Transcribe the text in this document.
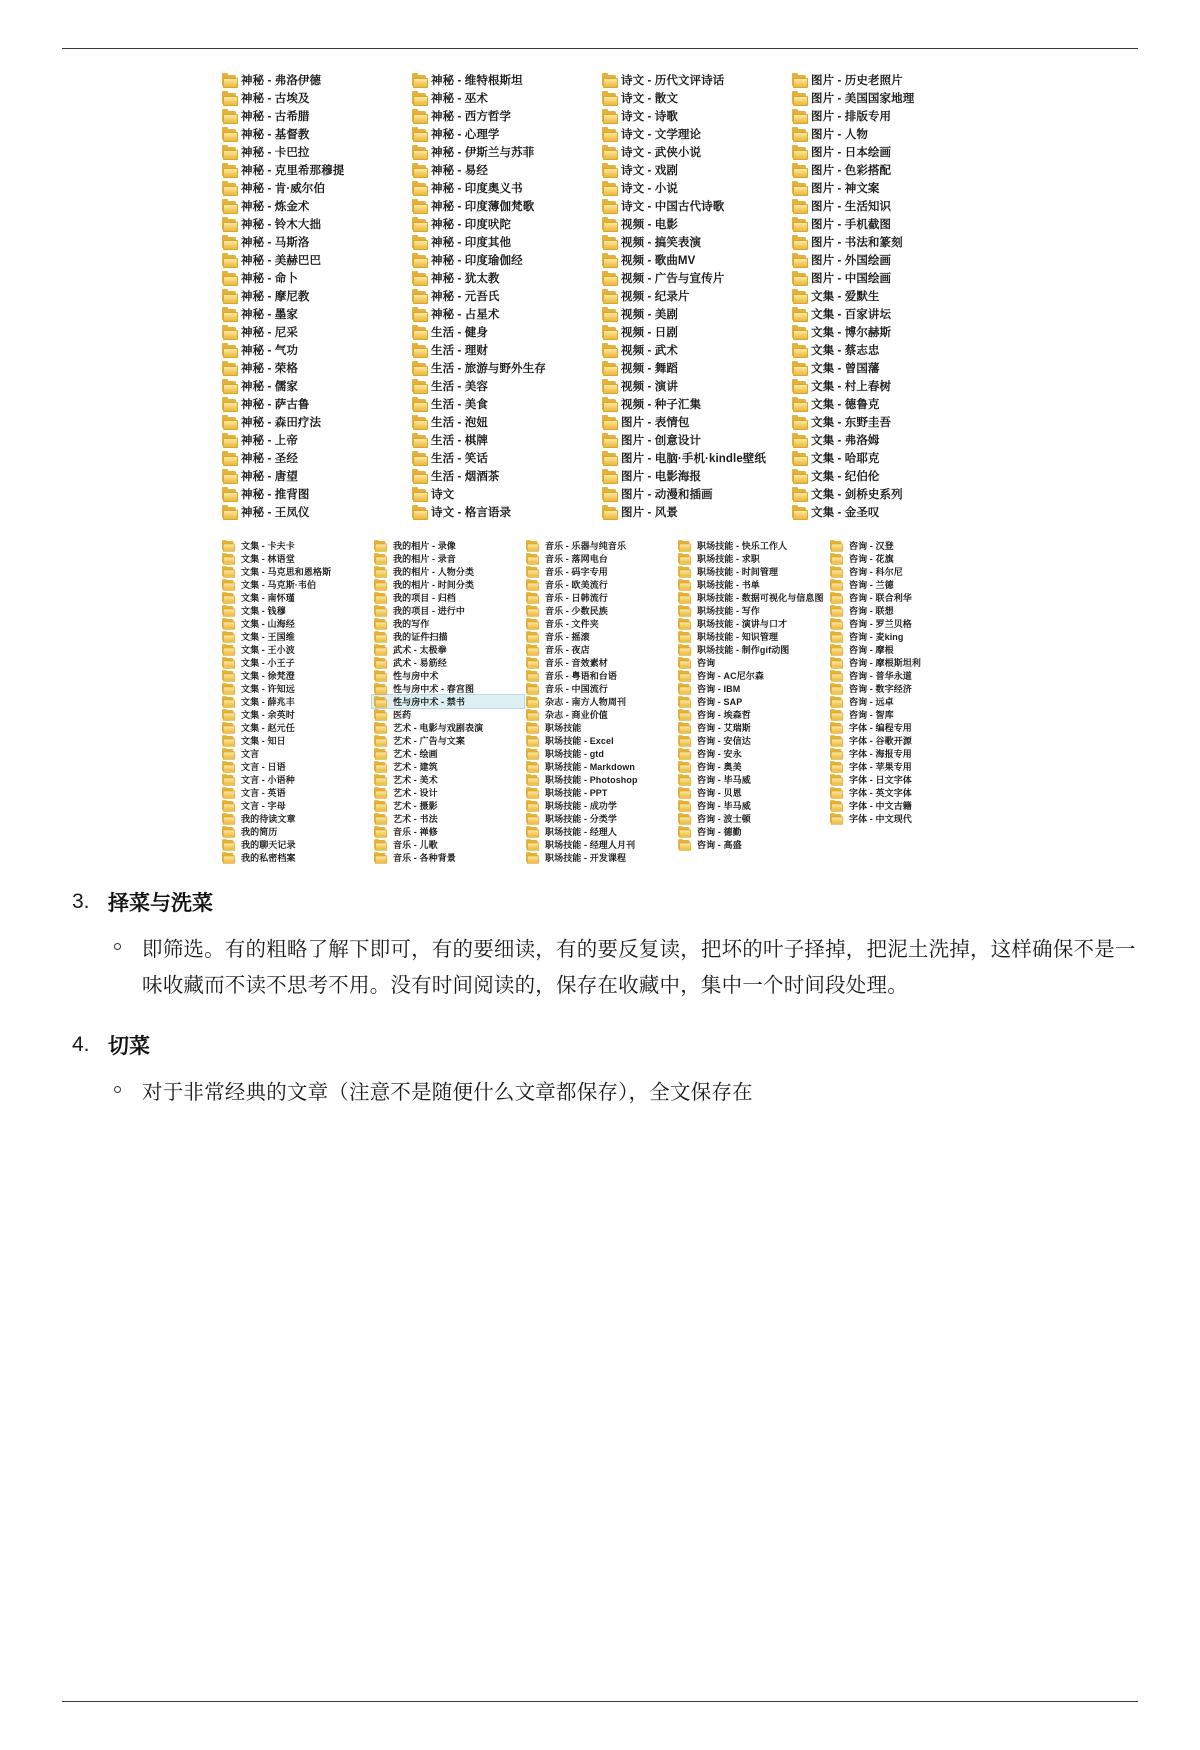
神秘 - 弗洛伊德
神秘 - 古埃及
神秘 - 古希腊
神秘 - 基督教
神秘 - 卡巴拉
神秘 - 克里希那穆提
神秘 - 肯·威尔伯
神秘 - 炼金术
神秘 - 铃木大拙
神秘 - 马斯洛
神秘 - 美赫巴巴
神秘 - 命卜
神秘 - 摩尼教
神秘 - 墨家
神秘 - 尼采
神秘 - 气功
神秘 - 荣格
神秘 - 儒家
神秘 - 萨古鲁
神秘 - 森田疗法
神秘 - 上帝
神秘 - 圣经
神秘 - 唐望
神秘 - 推背图
神秘 - 王凤仪
神秘 - 维特根斯坦
神秘 - 巫术
神秘 - 西方哲学
神秘 - 心理学
神秘 - 伊斯兰与苏菲
神秘 - 易经
神秘 - 印度奥义书
神秘 - 印度薄伽梵歌
神秘 - 印度吠陀
神秘 - 印度其他
神秘 - 印度瑜伽经
神秘 - 犹太教
神秘 - 元吾氏
神秘 - 占星术
生活 - 健身
生活 - 理财
生活 - 旅游与野外生存
生活 - 美容
生活 - 美食
生活 - 泡妞
生活 - 棋牌
生活 - 笑话
生活 - 烟酒茶
诗文
诗文 - 格言语录
诗文 - 历代文评诗话
诗文 - 散文
诗文 - 诗歌
诗文 - 文学理论
诗文 - 武侠小说
诗文 - 戏剧
诗文 - 小说
诗文 - 中国古代诗歌
视频 - 电影
视频 - 搞笑表演
视频 - 歌曲MV
视频 - 广告与宣传片
视频 - 纪录片
视频 - 美剧
视频 - 日剧
视频 - 武术
视频 - 舞蹈
视频 - 演讲
视频 - 种子汇集
图片 - 表情包
图片 - 创意设计
图片 - 电脑·手机·kindle壁纸
图片 - 电影海报
图片 - 动漫和插画
图片 - 风景
图片 - 历史老照片
图片 - 美国国家地理
图片 - 排版专用
图片 - 人物
图片 - 日本绘画
图片 - 色彩搭配
图片 - 神文案
图片 - 生活知识
图片 - 手机截图
图片 - 书法和篆刻
图片 - 外国绘画
图片 - 中国绘画
文集 - 爱默生
文集 - 百家讲坛
文集 - 博尔赫斯
文集 - 蔡志忠
文集 - 曾国藩
文集 - 村上春树
文集 - 德鲁克
文集 - 东野圭吾
文集 - 弗洛姆
文集 - 哈耶克
文集 - 纪伯伦
文集 - 剑桥史系列
文集 - 金圣叹
文集 - 卡夫卡
文集 - 林语堂
文集 - 马克思和恩格斯
文集 - 马克斯·韦伯
文集 - 南怀瑾
文集 - 钱穆
文集 - 山海经
文集 - 王国维
文集 - 王小波
文集 - 小王子
文集 - 徐梵澄
文集 - 许知远
文集 - 薛兆丰
文集 - 余英时
文集 - 赵元任
文集 - 知日
文言
文言 - 日语
文言 - 小语种
文言 - 英语
文言 - 字母
我的待读文章
我的简历
我的聊天记录
我的私密档案
我的相片 - 录像
我的相片 - 录音
我的相片 - 人物分类
我的相片 - 时间分类
我的项目 - 归档
我的项目 - 进行中
我的写作
我的证件扫描
武术 - 太极拳
武术 - 易筋经
性与房中术
性与房中术 - 春宫图
性与房中术 - 禁书
医药
艺术 - 电影与戏剧表演
艺术 - 广告与文案
艺术 - 绘画
艺术 - 建筑
艺术 - 美术
艺术 - 设计
艺术 - 摄影
艺术 - 书法
音乐 - 禅修
音乐 - 儿歌
音乐 - 各种背景
音乐 - 乐器与纯音乐
音乐 - 落网电台
音乐 - 码字专用
音乐 - 欧美流行
音乐 - 日韩流行
音乐 - 少数民族
音乐 - 文件夹
音乐 - 摇滚
音乐 - 夜店
音乐 - 音效素材
音乐 - 粤语和台语
音乐 - 中国流行
杂志 - 南方人物周刊
杂志 - 商业价值
职场技能
职场技能 - Excel
职场技能 - gtd
职场技能 - Markdown
职场技能 - Photoshop
职场技能 - PPT
职场技能 - 成功学
职场技能 - 分类学
职场技能 - 经理人
职场技能 - 经理人月刊
职场技能 - 开发课程
职场技能 - 快乐工作人
职场技能 - 求职
职场技能 - 时间管理
职场技能 - 书单
职场技能 - 数据可视化与信息图
职场技能 - 写作
职场技能 - 演讲与口才
职场技能 - 知识管理
职场技能 - 制作gif动图
咨询
咨询 - AC尼尔森
咨询 - IBM
咨询 - SAP
咨询 - 埃森哲
咨询 - 艾瑞斯
咨询 - 安信达
咨询 - 安永
咨询 - 奥美
咨询 - 毕马威
咨询 - 贝恩
咨询 - 毕马威
咨询 - 波士顿
咨询 - 德勤
咨询 - 高盛
咨询 - 汉登
咨询 - 花旗
咨询 - 科尔尼
咨询 - 兰德
咨询 - 联合利华
咨询 - 联想
咨询 - 罗兰贝格
咨询 - 麦king
咨询 - 摩根
咨询 - 摩根斯坦利
咨询 - 普华永道
咨询 - 数字经济
咨询 - 远卓
咨询 - 智库
字体 - 编程专用
字体 - 谷歌开源
字体 - 海报专用
字体 - 苹果专用
字体 - 日文字体
字体 - 英文字体
字体 - 中文古籍
字体 - 中文现代
3. 择菜与洗菜
即筛选。有的粗略了解下即可，有的要细读，有的要反复读，把坏的叶子择掉，把泥土洗掉，这样确保不是一味收藏而不读不思考不用。没有时间阅读的，保存在收藏中，集中一个时间段处理。
4. 切菜
对于非常经典的文章（注意不是随便什么文章都保存），全文保存在
